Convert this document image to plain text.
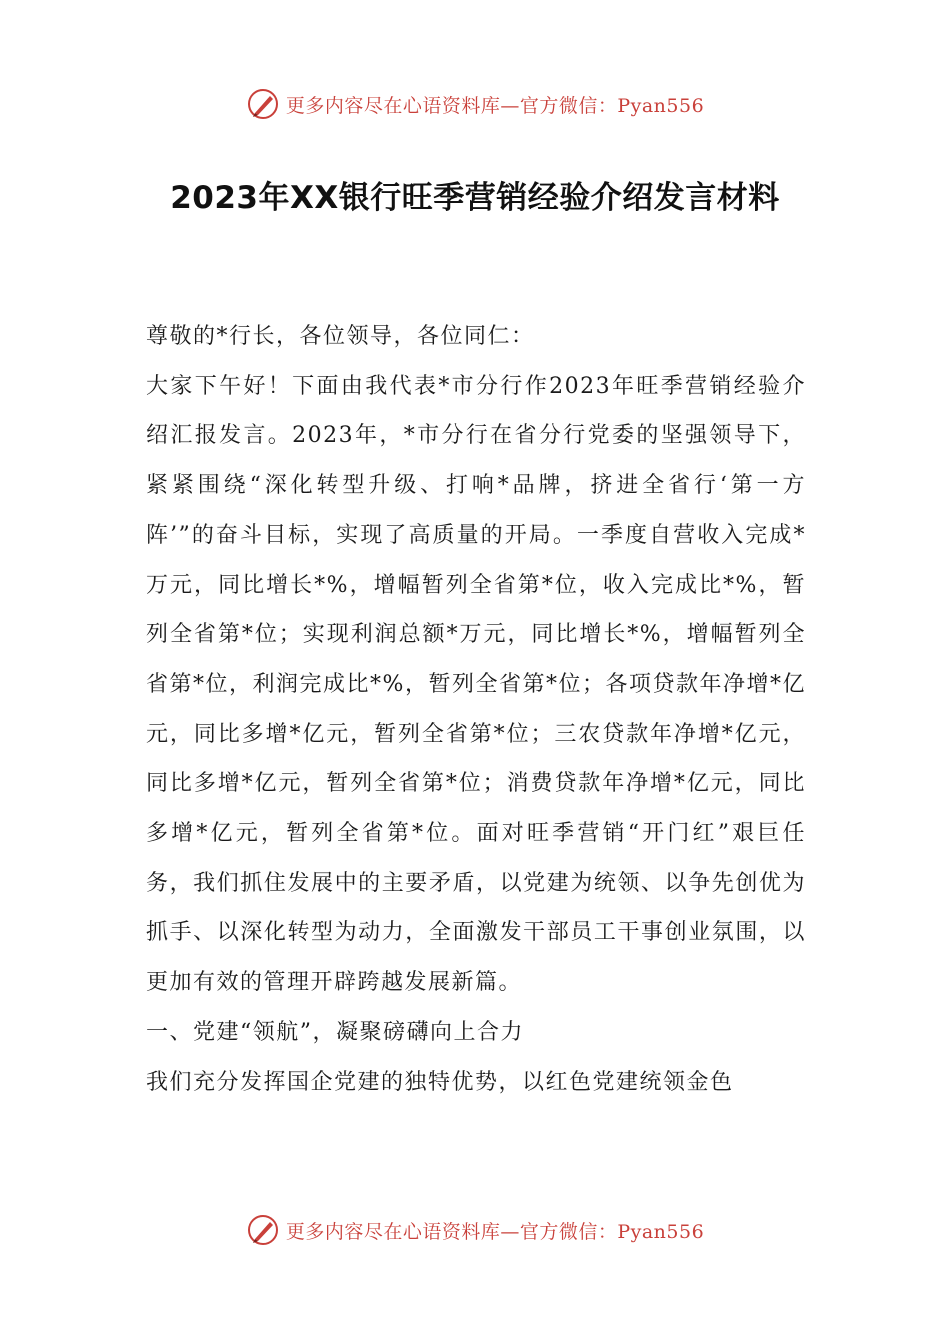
更多内容尽在心语资料库—官方微信：Pyan556
2023年XX银行旺季营销经验介绍发言材料

尊敬的*行长，各位领导，各位同仁：

大家下午好！下面由我代表*市分行作2023年旺季营销经验介绍汇报发言。2023年，*市分行在省分行党委的坚强领导下，紧紧围绕“深化转型升级、打响*品牌，挤进全省行‘第一方阵’”的奋斗目标，实现了高质量的开局。一季度自营收入完成*万元，同比增长*%，增幅暂列全省第*位，收入完成比*%，暂列全省第*位；实现利润总额*万元，同比增长*%，增幅暂列全省第*位，利润完成比*%，暂列全省第*位；各项贷款年净增*亿元，同比多增*亿元，暂列全省第*位；三农贷款年净增*亿元，同比多增*亿元，暂列全省第*位；消费贷款年净增*亿元，同比多增*亿元，暂列全省第*位。面对旺季营销“开门红”艰巨任务，我们抓住发展中的主要矛盾，以党建为统领、以争先创优为抓手、以深化转型为动力，全面激发干部员工干事创业氛围，以更加有效的管理开辟跨越发展新篇。

一、党建“领航”，凝聚磅礴向上合力

我们充分发挥国企党建的独特优势，以红色党建统领金色

更多内容尽在心语资料库—官方微信：Pyan556
